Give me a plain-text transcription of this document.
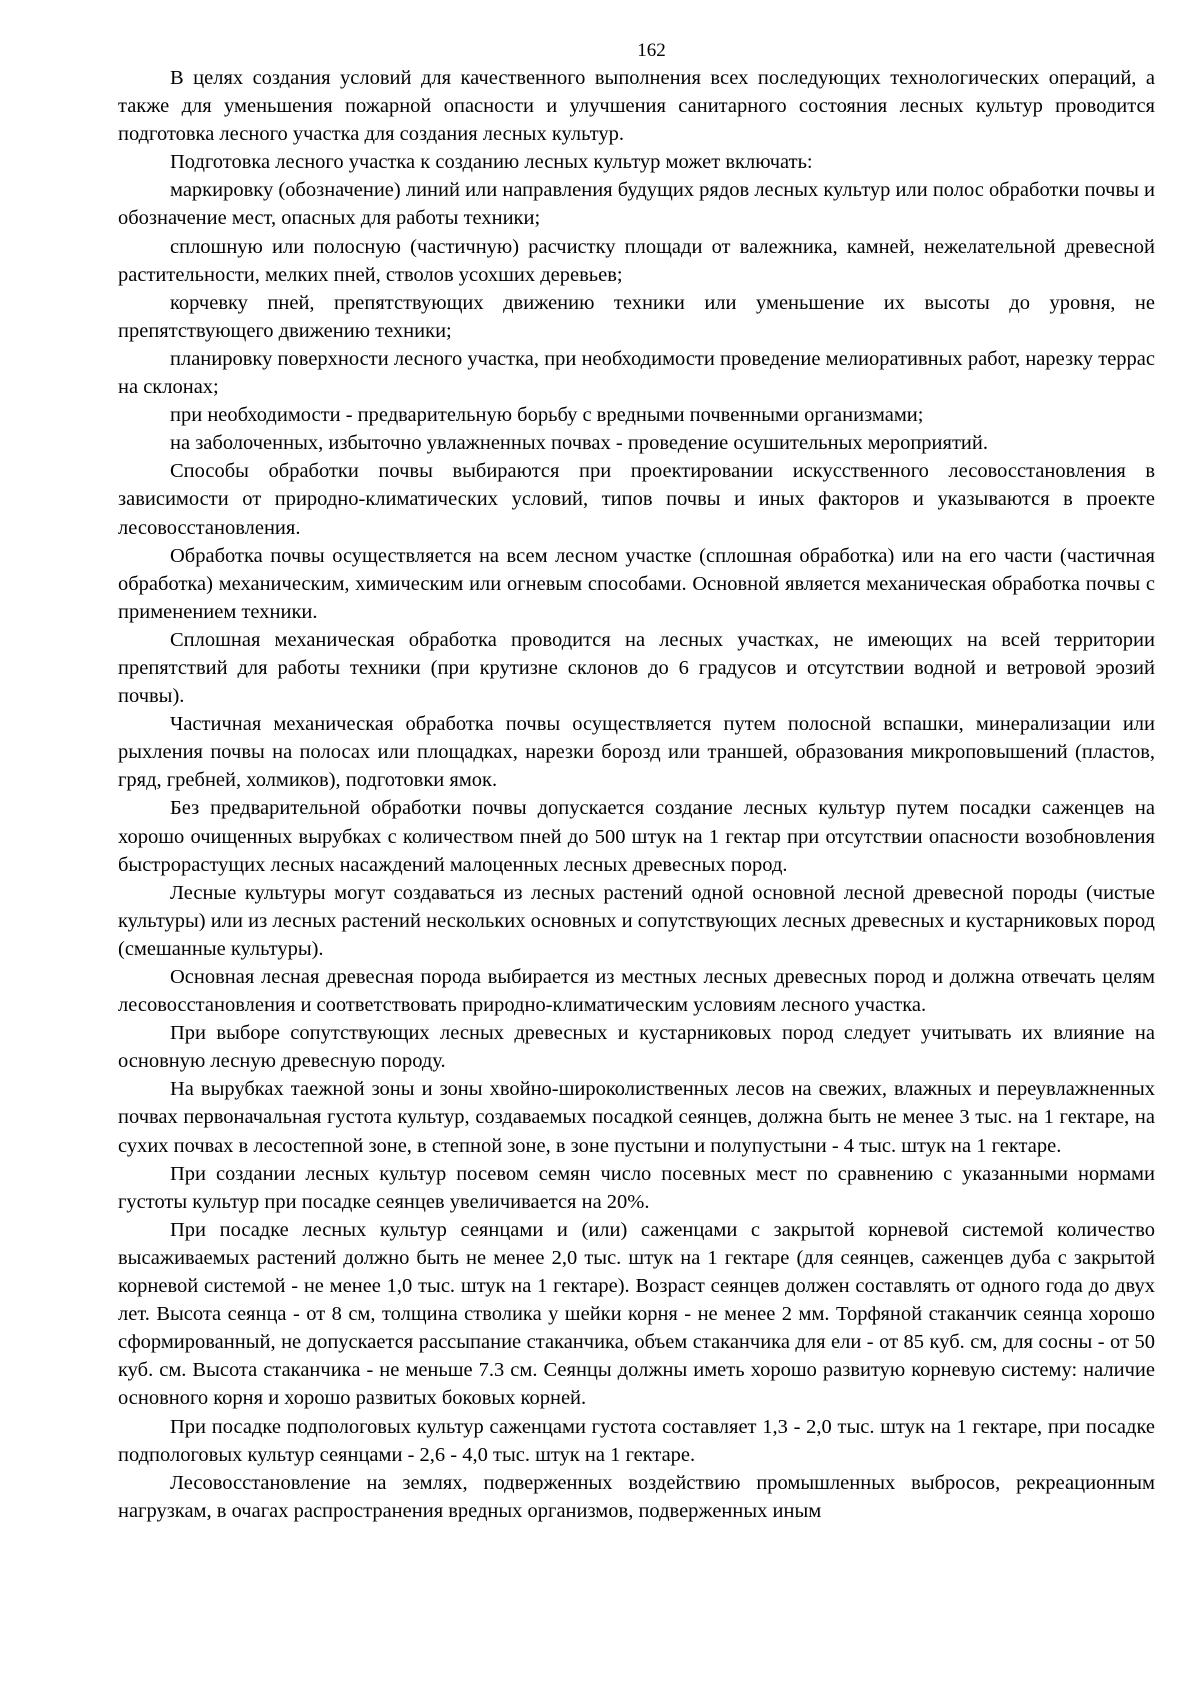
162

В целях создания условий для качественного выполнения всех последующих технологических операций, а также для уменьшения пожарной опасности и улучшения санитарного состояния лесных культур проводится подготовка лесного участка для создания лесных культур.

Подготовка лесного участка к созданию лесных культур может включать:

маркировку (обозначение) линий или направления будущих рядов лесных культур или полос обработки почвы и обозначение мест, опасных для работы техники;

сплошную или полосную (частичную) расчистку площади от валежника, камней, нежелательной древесной растительности, мелких пней, стволов усохших деревьев;

корчевку пней, препятствующих движению техники или уменьшение их высоты до уровня, не препятствующего движению техники;

планировку поверхности лесного участка, при необходимости проведение мелиоративных работ, нарезку террас на склонах;

при необходимости - предварительную борьбу с вредными почвенными организмами;

на заболоченных, избыточно увлажненных почвах - проведение осушительных мероприятий.

Способы обработки почвы выбираются при проектировании искусственного лесовосстановления в зависимости от природно-климатических условий, типов почвы и иных факторов и указываются в проекте лесовосстановления.

Обработка почвы осуществляется на всем лесном участке (сплошная обработка) или на его части (частичная обработка) механическим, химическим или огневым способами. Основной является механическая обработка почвы с применением техники.

Сплошная механическая обработка проводится на лесных участках, не имеющих на всей территории препятствий для работы техники (при крутизне склонов до 6 градусов и отсутствии водной и ветровой эрозий почвы).

Частичная механическая обработка почвы осуществляется путем полосной вспашки, минерализации или рыхления почвы на полосах или площадках, нарезки борозд или траншей, образования микроповышений (пластов, гряд, гребней, холмиков), подготовки ямок.

Без предварительной обработки почвы допускается создание лесных культур путем посадки саженцев на хорошо очищенных вырубках с количеством пней до 500 штук на 1 гектар при отсутствии опасности возобновления быстрорастущих лесных насаждений малоценных лесных древесных пород.

Лесные культуры могут создаваться из лесных растений одной основной лесной древесной породы (чистые культуры) или из лесных растений нескольких основных и сопутствующих лесных древесных и кустарниковых пород (смешанные культуры).

Основная лесная древесная порода выбирается из местных лесных древесных пород и должна отвечать целям лесовосстановления и соответствовать природно-климатическим условиям лесного участка.

При выборе сопутствующих лесных древесных и кустарниковых пород следует учитывать их влияние на основную лесную древесную породу.

На вырубках таежной зоны и зоны хвойно-широколиственных лесов на свежих, влажных и переувлажненных почвах первоначальная густота культур, создаваемых посадкой сеянцев, должна быть не менее 3 тыс. на 1 гектаре, на сухих почвах в лесостепной зоне, в степной зоне, в зоне пустыни и полупустыни - 4 тыс. штук на 1 гектаре.

При создании лесных культур посевом семян число посевных мест по сравнению с указанными нормами густоты культур при посадке сеянцев увеличивается на 20%.

При посадке лесных культур сеянцами и (или) саженцами с закрытой корневой системой количество высаживаемых растений должно быть не менее 2,0 тыс. штук на 1 гектаре (для сеянцев, саженцев дуба с закрытой корневой системой - не менее 1,0 тыс. штук на 1 гектаре). Возраст сеянцев должен составлять от одного года до двух лет. Высота сеянца - от 8 см, толщина стволика у шейки корня - не менее 2 мм. Торфяной стаканчик сеянца хорошо сформированный, не допускается рассыпание стаканчика, объем стаканчика для ели - от 85 куб. см, для сосны - от 50 куб. см. Высота стаканчика - не меньше 7.3 см. Сеянцы должны иметь хорошо развитую корневую систему: наличие основного корня и хорошо развитых боковых корней.

При посадке подпологовых культур саженцами густота составляет 1,3 - 2,0 тыс. штук на 1 гектаре, при посадке подпологовых культур сеянцами - 2,6 - 4,0 тыс. штук на 1 гектаре.

Лесовосстановление на землях, подверженных воздействию промышленных выбросов, рекреационным нагрузкам, в очагах распространения вредных организмов, подверженных иным
